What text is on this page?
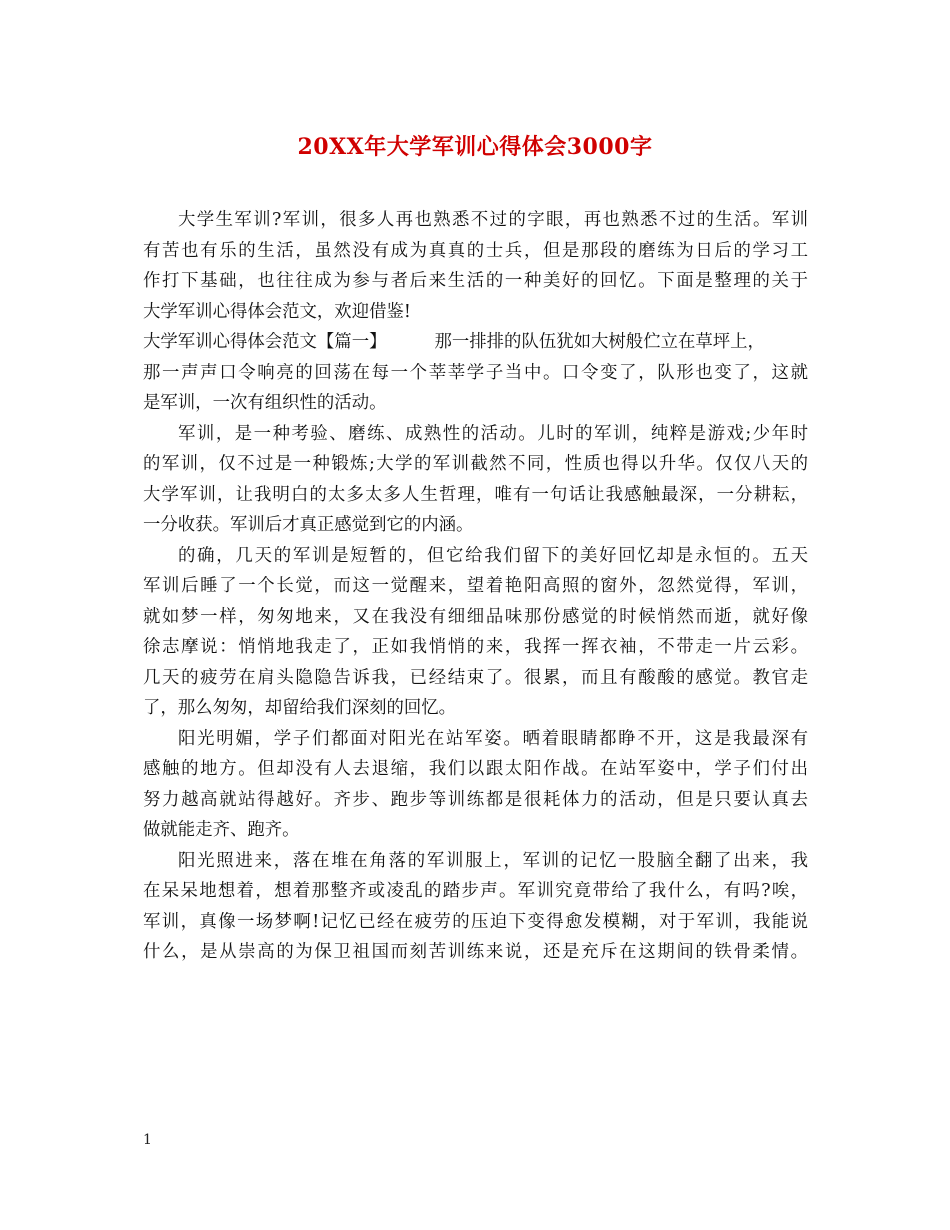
20XX年大学军训心得体会3000字
大学生军训?军训，很多人再也熟悉不过的字眼，再也熟悉不过的生活。军训
有苦也有乐的生活，虽然没有成为真真的士兵，但是那段的磨练为日后的学习工
作打下基础，也往往成为参与者后来生活的一种美好的回忆。下面是整理的关于
大学军训心得体会范文，欢迎借鉴!
大学军训心得体会范文【篇一】	那一排排的队伍犹如大树般伫立在草坪上，
那一声声口令响亮的回荡在每一个莘莘学子当中。口令变了，队形也变了，这就
是军训，一次有组织性的活动。
军训，是一种考验、磨练、成熟性的活动。儿时的军训，纯粹是游戏;少年时
的军训，仅不过是一种锻炼;大学的军训截然不同，性质也得以升华。仅仅八天的
大学军训，让我明白的太多太多人生哲理，唯有一句话让我感触最深，一分耕耘，
一分收获。军训后才真正感觉到它的内涵。
的确，几天的军训是短暂的，但它给我们留下的美好回忆却是永恒的。五天
军训后睡了一个长觉，而这一觉醒来，望着艳阳高照的窗外，忽然觉得，军训，
就如梦一样，匆匆地来，又在我没有细细品味那份感觉的时候悄然而逝，就好像
徐志摩说：悄悄地我走了，正如我悄悄的来，我挥一挥衣袖，不带走一片云彩。
几天的疲劳在肩头隐隐告诉我，已经结束了。很累，而且有酸酸的感觉。教官走
了，那么匆匆，却留给我们深刻的回忆。
阳光明媚，学子们都面对阳光在站军姿。晒着眼睛都睁不开，这是我最深有
感触的地方。但却没有人去退缩，我们以跟太阳作战。在站军姿中，学子们付出
努力越高就站得越好。齐步、跑步等训练都是很耗体力的活动，但是只要认真去
做就能走齐、跑齐。
阳光照进来，落在堆在角落的军训服上，军训的记忆一股脑全翻了出来，我
在呆呆地想着，想着那整齐或凌乱的踏步声。军训究竟带给了我什么，有吗?唉，
军训，真像一场梦啊!记忆已经在疲劳的压迫下变得愈发模糊，对于军训，我能说
什么，是从崇高的为保卫祖国而刻苦训练来说，还是充斥在这期间的铁骨柔情。
1
